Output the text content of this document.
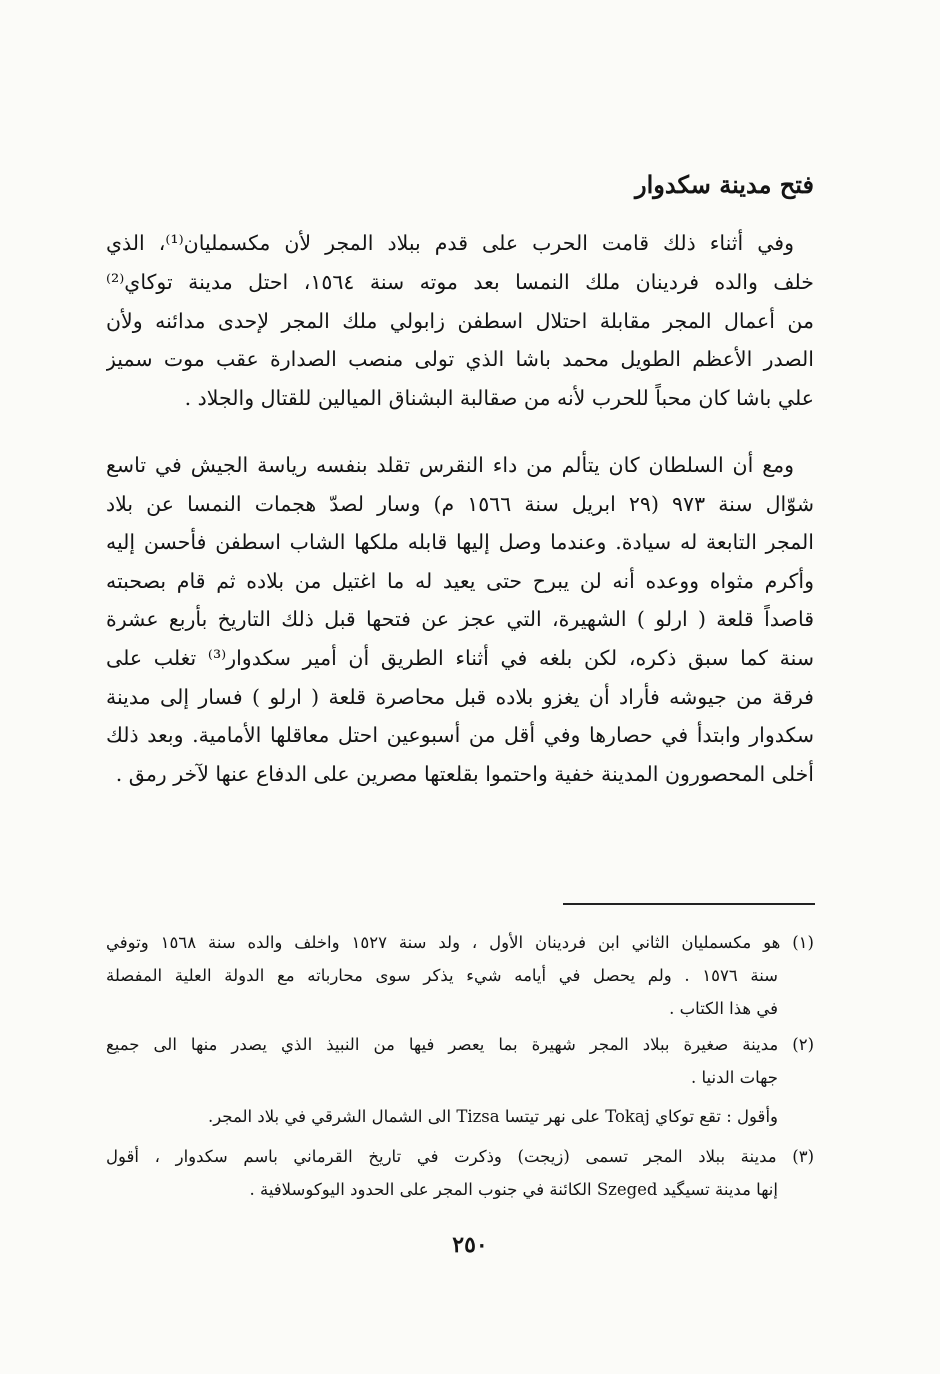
فتح مدينة سكدوار
وفي أثناء ذلك قامت الحرب على قدم ببلاد المجر لأن مكسمليان⁽¹⁾، الذي
خلف والده فردينان ملك النمسا بعد موته سنة ١٥٦٤، احتل مدينة توكاي⁽²⁾
من أعمال المجر مقابلة احتلال اسطفن زابولي ملك المجر لإحدى مدائنه ولأن
الصدر الأعظم الطويل محمد باشا الذي تولى منصب الصدارة عقب موت سميز
علي باشا كان محباً للحرب لأنه من صقالبة البشناق الميالين للقتال والجلاد .
ومع أن السلطان كان يتألم من داء النقرس تقلد بنفسه رياسة الجيش في تاسع
شوّال سنة ٩٧٣ (٢٩ ابريل سنة ١٥٦٦ م) وسار لصدّ هجمات النمسا عن بلاد
المجر التابعة له سيادة. وعندما وصل إليها قابله ملكها الشاب اسطفن فأحسن إليه
وأكرم مثواه ووعده أنه لن يبرح حتى يعيد له ما اغتيل من بلاده ثم قام بصحبته
قاصداً قلعة ( ارلو ) الشهيرة، التي عجز عن فتحها قبل ذلك التاريخ بأربع عشرة
سنة كما سبق ذكره، لكن بلغه في أثناء الطريق أن أمير سكدوار⁽³⁾ تغلب على
فرقة من جيوشه فأراد أن يغزو بلاده قبل محاصرة قلعة ( ارلو ) فسار إلى مدينة
سكدوار وابتدأ في حصارها وفي أقل من أسبوعين احتل معاقلها الأمامية. وبعد ذلك
أخلى المحصورون المدينة خفية واحتموا بقلعتها مصرين على الدفاع عنها لآخر رمق .
(١) هو مكسمليان الثاني ابن فردينان الأول ، ولد سنة ١٥٢٧ واخلف والده سنة ١٥٦٨ وتوفي
سنة ١٥٧٦ . ولم يحصل في أيامه شيء يذكر سوى محارباته مع الدولة العلية المفصلة
في هذا الكتاب .
(٢) مدينة صغيرة ببلاد المجر شهيرة بما يعصر فيها من النبيذ الذي يصدر منها الى جميع
جهات الدنيا .
وأقول : تقع توكاي Tokaj على نهر تيتسا Tizsa الى الشمال الشرقي في بلاد المجر.
(٣) مدينة ببلاد المجر تسمى (زيجت) وذكرت في تاريخ القرماني باسم سكدوار ، أقول
إنها مدينة تسيگيد Szeged الكائنة في جنوب المجر على الحدود اليوكوسلافية .
٢٥٠
